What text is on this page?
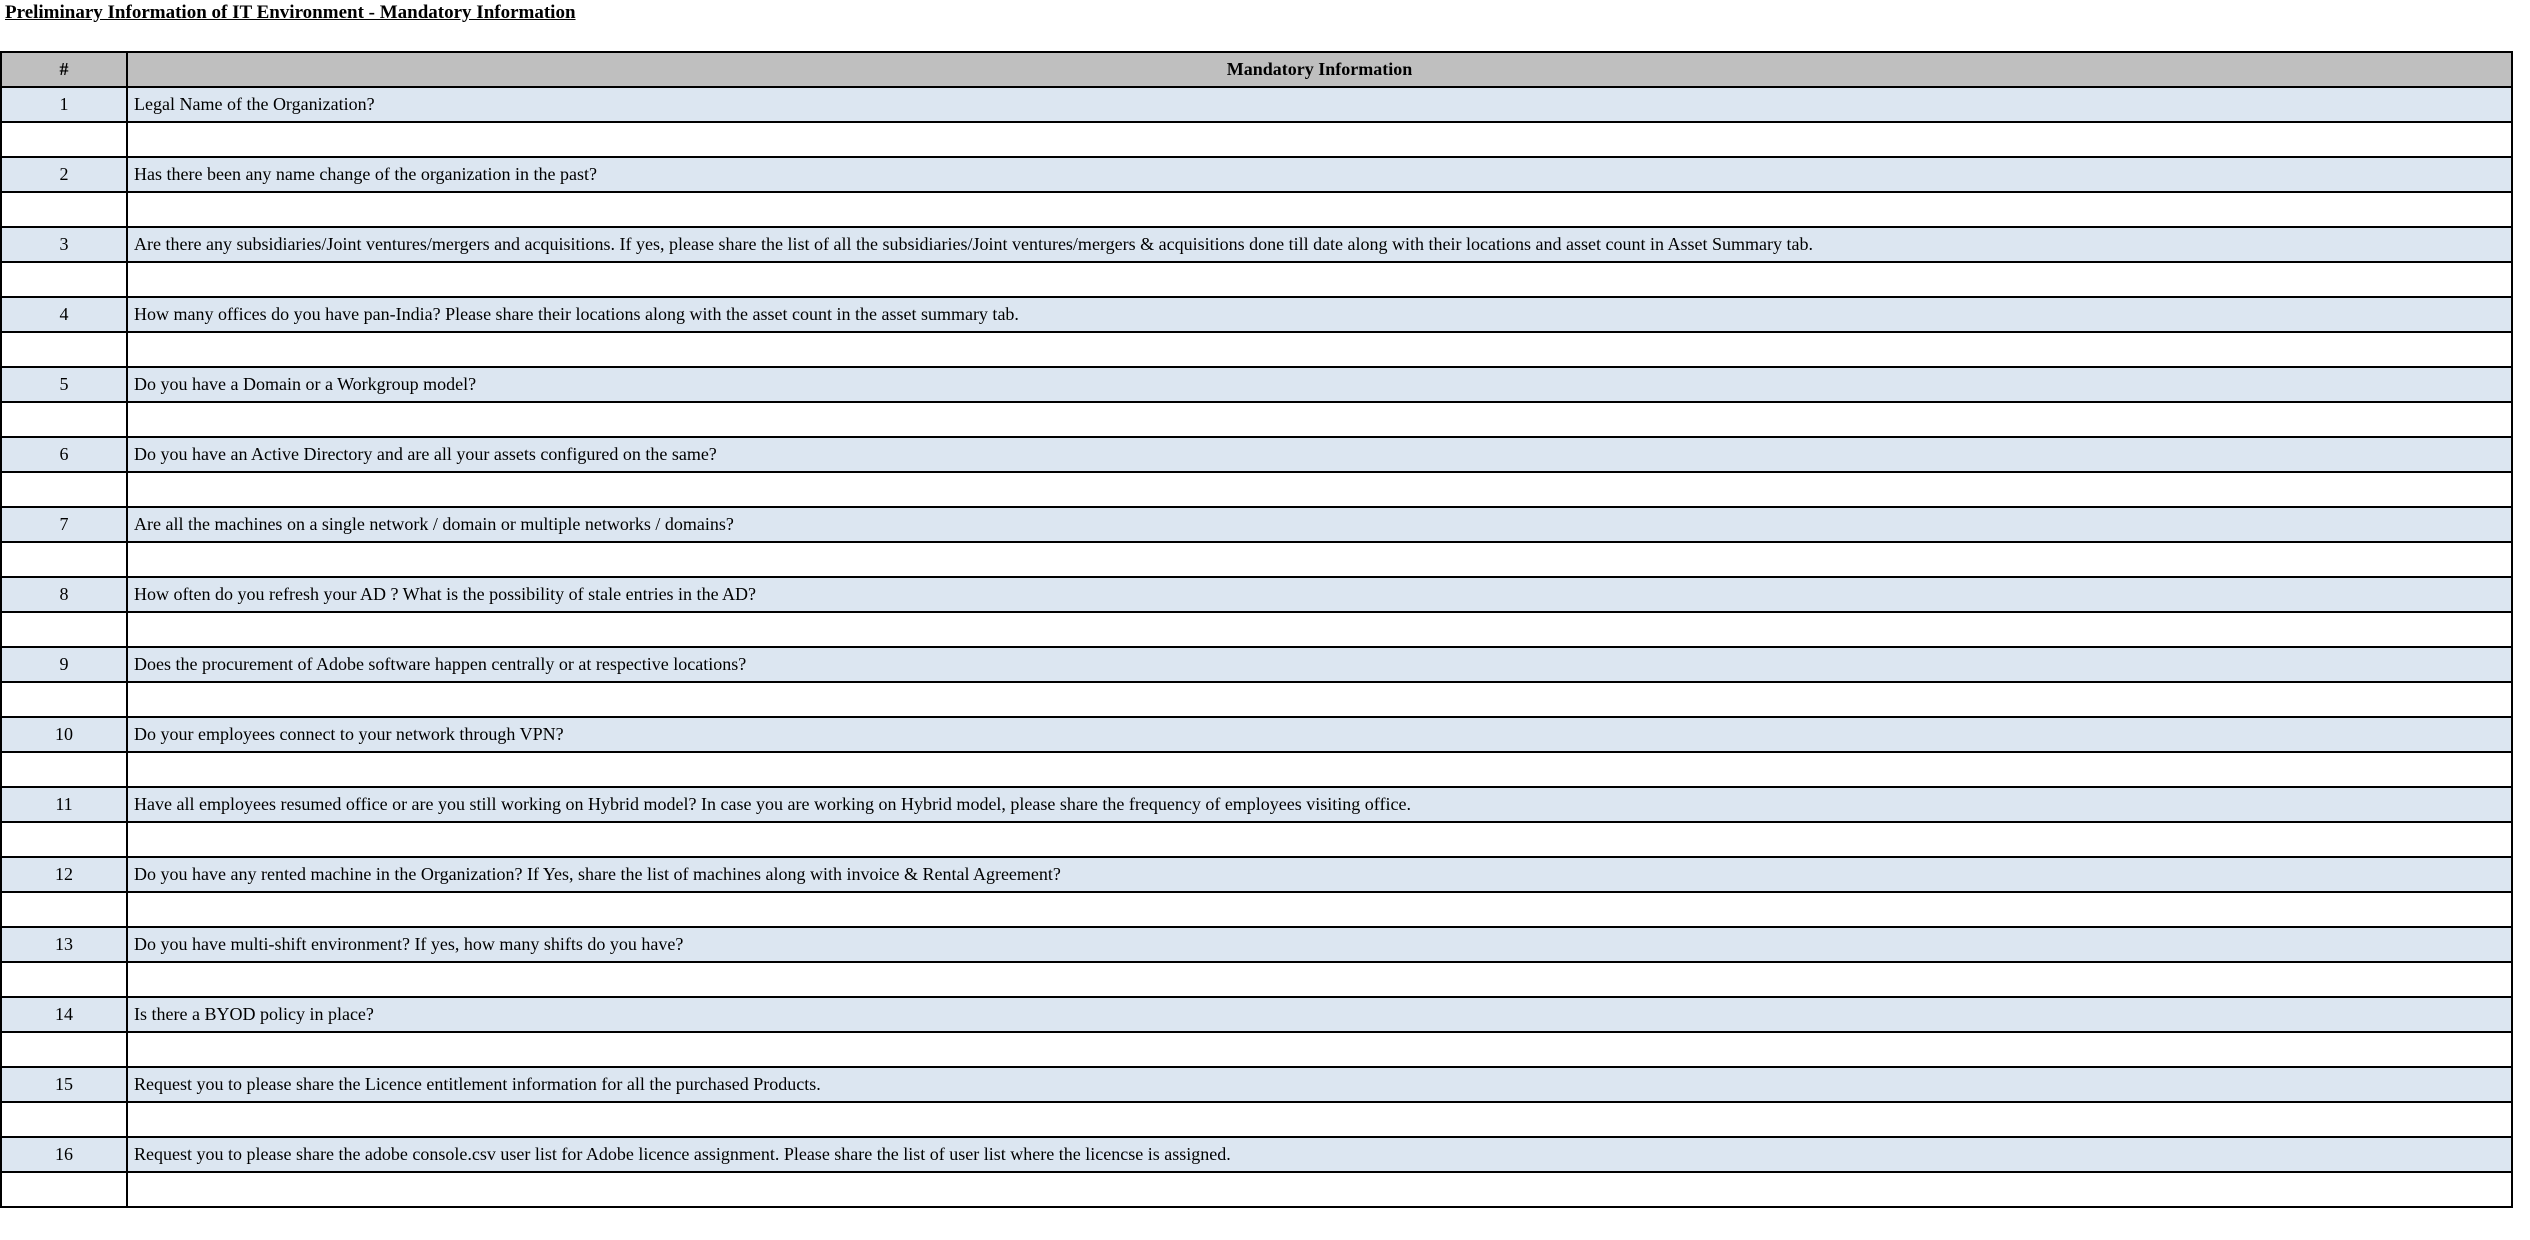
Preliminary Information of IT Environment - Mandatory Information
#	Mandatory Information
1	Legal Name of the Organization?

2	Has there been any name change of the organization in the past?

3	Are there any subsidiaries/Joint ventures/mergers and acquisitions. If yes, please share the list of all the subsidiaries/Joint ventures/mergers & acquisitions done till date along with their locations and asset count in Asset Summary tab.

4	How many offices do you have pan-India? Please share their locations along with the asset count in the asset summary tab.

5	Do you have a Domain or a Workgroup model?

6	Do you have an Active Directory and are all your assets configured on the same?

7	Are all the machines on a single network / domain or multiple networks / domains?

8	How often do you refresh your AD ? What is the possibility of stale entries in the AD?

9	Does the procurement of Adobe software happen centrally or at respective locations?

10	Do your employees connect to your network through VPN?

11	Have all employees resumed office or are you still working on Hybrid model? In case you are working on Hybrid model, please share the frequency of employees visiting office.

12	Do you have any rented machine in the Organization? If Yes, share the list of machines along with invoice & Rental Agreement?

13	Do you have multi-shift environment? If yes, how many shifts do you have?

14	Is there a BYOD policy in place?

15	Request you to please share the Licence entitlement information for all the purchased Products.

16	Request you to please share the adobe console.csv user list for Adobe licence assignment. Please share the list of user list where the licencse is assigned.
